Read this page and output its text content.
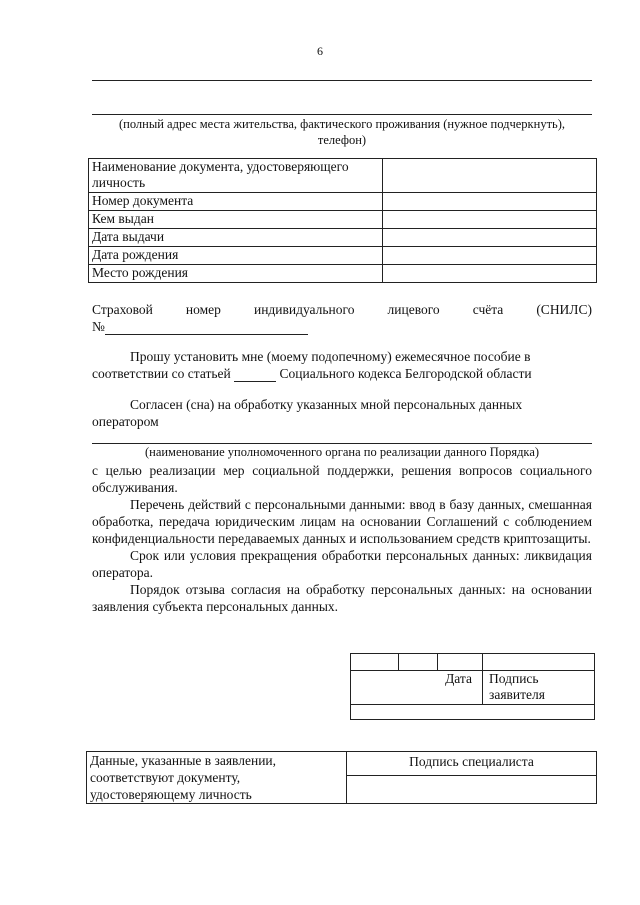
6
(полный адрес места жительства, фактического проживания (нужное подчеркнуть),
телефон)
Наименование документа, удостоверяющего личность	
Номер документа	
Кем выдан	
Дата выдачи	
Дата рождения	
Место рождения	
Страховой номер индивидуального лицевого счёта (СНИЛС)
№
Прошу установить мне (моему подопечному) ежемесячное пособие в
соответствии со статьей	Социального кодекса Белгородской области
Согласен (сна) на обработку указанных мной персональных данных
оператором
(наименование уполномоченного органа по реализации данного Порядка)
с целью реализации мер социальной поддержки, решения вопросов социального обслуживания.
Перечень действий с персональными данными: ввод в базу данных, смешанная обработка, передача юридическим лицам на основании Соглашений с соблюдением конфиденциальности передаваемых данных и использованием средств криптозащиты.
Срок или условия прекращения обработки персональных данных: ликвидация оператора.
Порядок отзыва согласия на обработку персональных данных: на основании заявления субъекта персональных данных.

Дата			Подпись заявителя

Данные, указанные в заявлении, соответствуют документу, удостоверяющему личность	Подпись специалиста
